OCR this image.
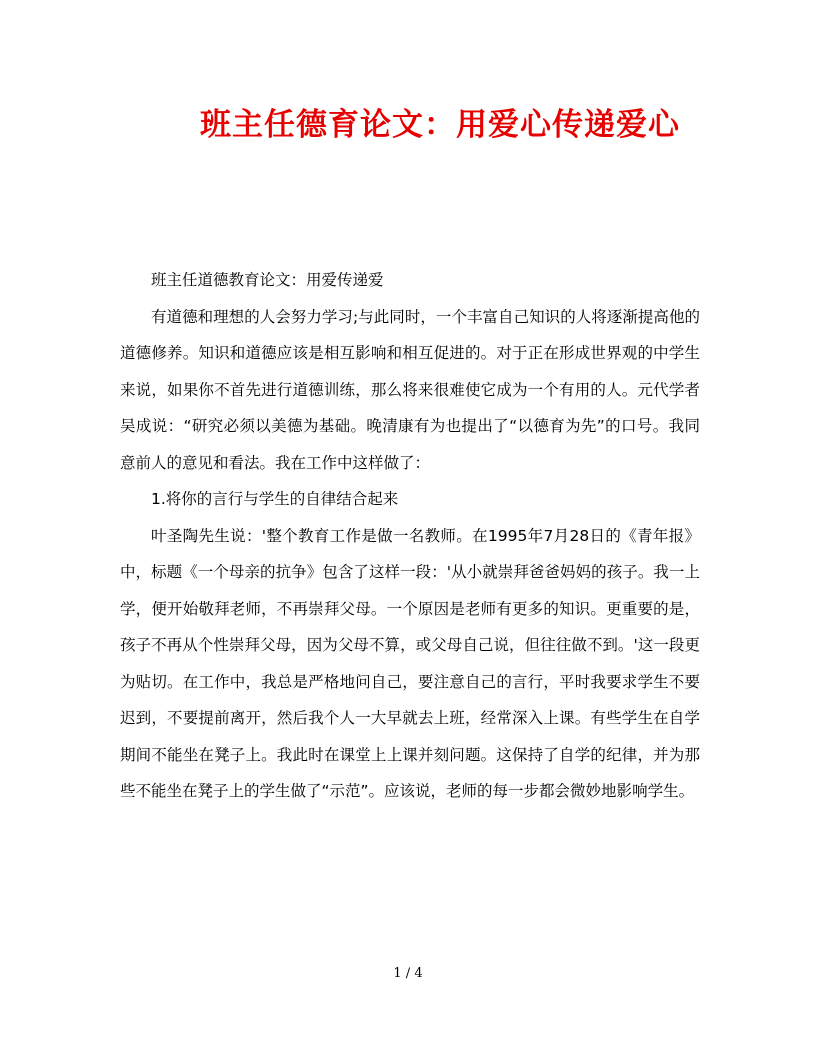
班主任德育论文：用爱心传递爱心

班主任道德教育论文：用爱传递爱

有道德和理想的人会努力学习;与此同时，一个丰富自己知识的人将逐渐提高他的道德修养。知识和道德应该是相互影响和相互促进的。对于正在形成世界观的中学生来说，如果你不首先进行道德训练，那么将来很难使它成为一个有用的人。元代学者吴成说：“研究必须以美德为基础。晚清康有为也提出了“以德育为先”的口号。我同意前人的意见和看法。我在工作中这样做了：

1.将你的言行与学生的自律结合起来

叶圣陶先生说：'整个教育工作是做一名教师。在1995年7月28日的《青年报》中，标题《一个母亲的抗争》包含了这样一段：'从小就崇拜爸爸妈妈的孩子。我一上学，便开始敬拜老师，不再崇拜父母。一个原因是老师有更多的知识。更重要的是，孩子不再从个性崇拜父母，因为父母不算，或父母自己说，但往往做不到。'这一段更为贴切。在工作中，我总是严格地问自己，要注意自己的言行，平时我要求学生不要迟到，不要提前离开，然后我个人一大早就去上班，经常深入上课。有些学生在自学期间不能坐在凳子上。我此时在课堂上上课并刻问题。这保持了自学的纪律，并为那些不能坐在凳子上的学生做了“示范”。应该说，老师的每一步都会微妙地影响学生。

1 / 4
